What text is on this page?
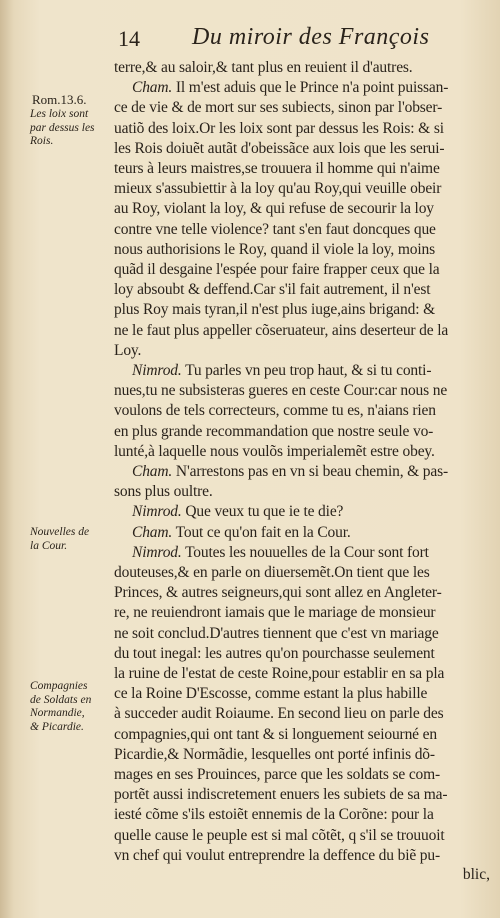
14 Du miroir des François
Rom.13.6.
Les loix sont
par dessus les
Rois.
Nouvelles de
la Cour.
Compagnies
de Soldats en
Normandie,
& Picardie.
terre,& au saloir,& tant plus en reuient il d'autres.
Cham. Il m'est aduis que le Prince n'a point puissan-
ce de vie & de mort sur ses subiects, sinon par l'obser-
uatiõ des loix.Or les loix sont par dessus les Rois: & si
les Rois doiuẽt autãt d'obeissãce aux lois que les serui-
teurs à leurs maistres,se trouuera il homme qui n'aime
mieux s'assubiettir à la loy qu'au Roy,qui veuille obeir
au Roy, violant la loy, & qui refuse de secourir la loy
contre vne telle violence? tant s'en faut doncques que
nous authorisions le Roy, quand il viole la loy, moins
quãd il desgaine l'espée pour faire frapper ceux que la
loy absoubt & deffend.Car s'il fait autrement, il n'est
plus Roy mais tyran,il n'est plus iuge,ains brigand: &
ne le faut plus appeller cõseruateur, ains deserteur de la
Loy.
Nimrod. Tu parles vn peu trop haut, & si tu conti-
nues,tu ne subsisteras gueres en ceste Cour:car nous ne
voulons de tels correcteurs, comme tu es, n'aians rien
en plus grande recommandation que nostre seule vo-
lunté,à laquelle nous voulõs imperialemẽt estre obey.
Cham. N'arrestons pas en vn si beau chemin, & pas-
sons plus oultre.
Nimrod. Que veux tu que ie te die?
Cham. Tout ce qu'on fait en la Cour.
Nimrod. Toutes les nouuelles de la Cour sont fort
douteuses,& en parle on diuersemẽt.On tient que les
Princes, & autres seigneurs,qui sont allez en Angleter-
re, ne reuiendront iamais que le mariage de monsieur
ne soit conclud.D'autres tiennent que c'est vn mariage
du tout inegal: les autres qu'on pourchasse seulement
la ruine de l'estat de ceste Roine,pour establir en sa pla
ce la Roine D'Escosse, comme estant la plus habille
à succeder audit Roiaume. En second lieu on parle des
compagnies,qui ont tant & si longuement seiourné en
Picardie,& Normãdie, lesquelles ont porté infinis dõ-
mages en ses Prouinces, parce que les soldats se com-
portẽt aussi indiscretement enuers les subiets de sa ma-
iesté cõme s'ils estoiẽt ennemis de la Corõne: pour la
quelle cause le peuple est si mal cõtẽt, q s'il se trouuoit
vn chef qui voulut entreprendre la deffence du biẽ pu-
blic,
